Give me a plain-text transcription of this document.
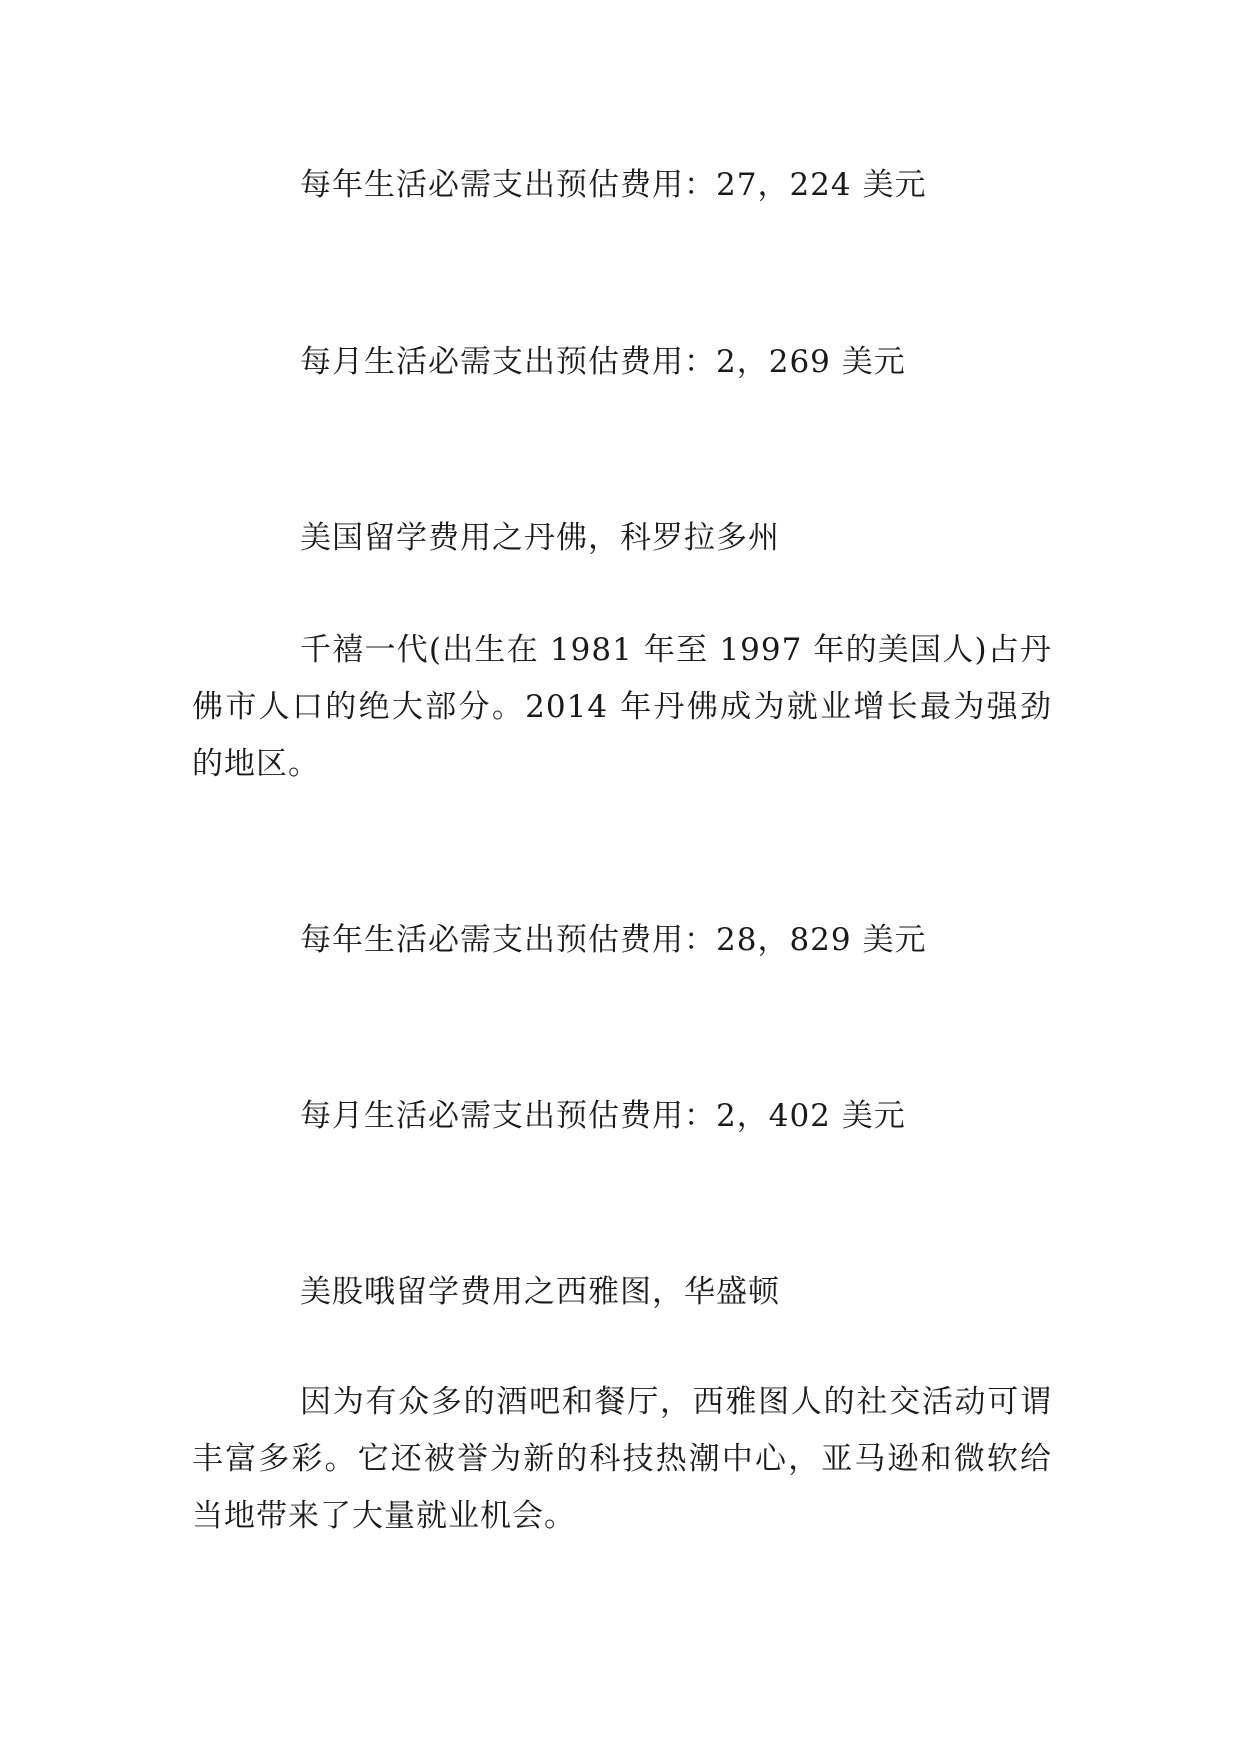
每年生活必需支出预估费用：27，224 美元
每月生活必需支出预估费用：2，269 美元
美国留学费用之丹佛，科罗拉多州
千禧一代(出生在 1981 年至 1997 年的美国人)占丹佛市人口的绝大部分。2014 年丹佛成为就业增长最为强劲的地区。
每年生活必需支出预估费用：28，829 美元
每月生活必需支出预估费用：2，402 美元
美股哦留学费用之西雅图，华盛顿
因为有众多的酒吧和餐厅，西雅图人的社交活动可谓丰富多彩。它还被誉为新的科技热潮中心，亚马逊和微软给当地带来了大量就业机会。
